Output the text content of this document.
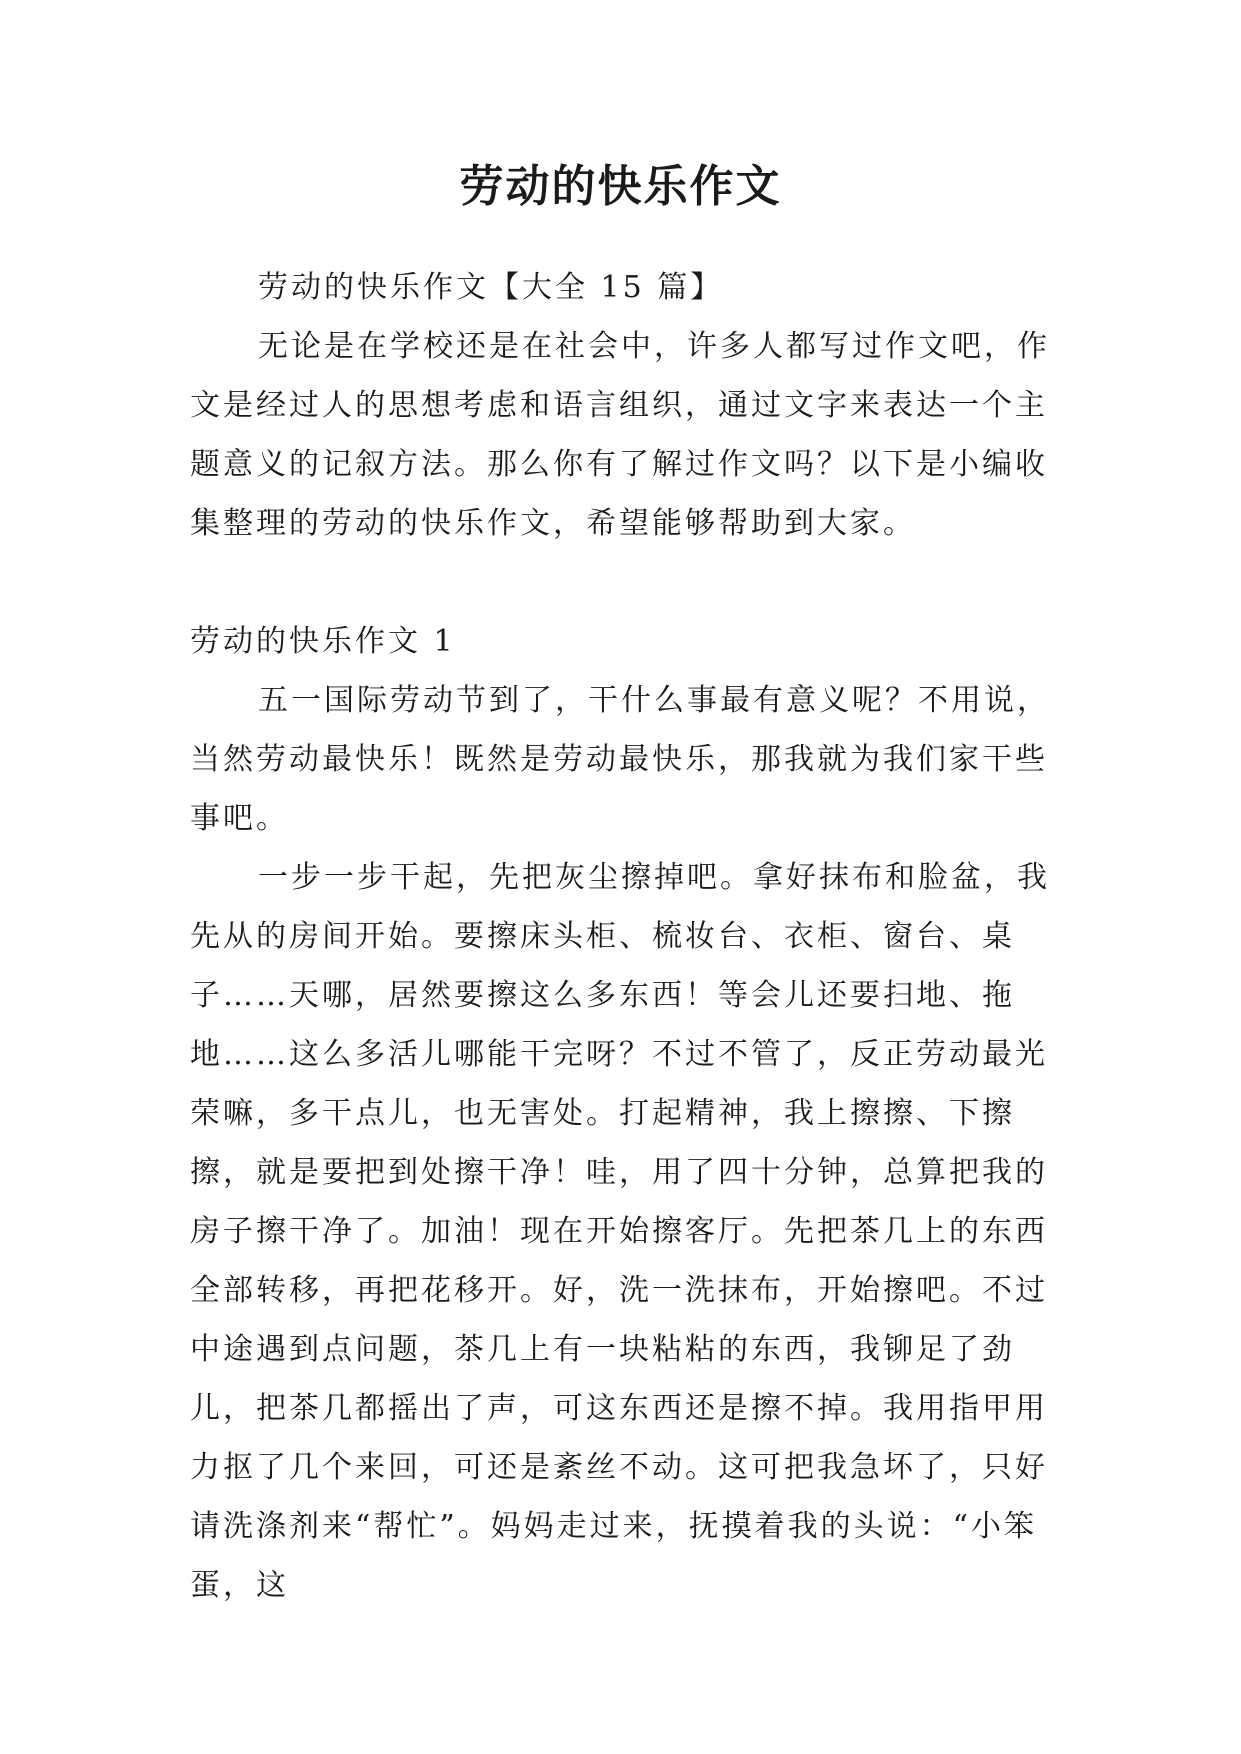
劳动的快乐作文

劳动的快乐作文【大全 15 篇】

无论是在学校还是在社会中，许多人都写过作文吧，作文是经过人的思想考虑和语言组织，通过文字来表达一个主题意义的记叙方法。那么你有了解过作文吗？以下是小编收集整理的劳动的快乐作文，希望能够帮助到大家。

劳动的快乐作文 1

五一国际劳动节到了，干什么事最有意义呢？不用说，当然劳动最快乐！既然是劳动最快乐，那我就为我们家干些事吧。

一步一步干起，先把灰尘擦掉吧。拿好抹布和脸盆，我先从的房间开始。要擦床头柜、梳妆台、衣柜、窗台、桌子……天哪，居然要擦这么多东西！等会儿还要扫地、拖地……这么多活儿哪能干完呀？不过不管了，反正劳动最光荣嘛，多干点儿，也无害处。打起精神，我上擦擦、下擦擦，就是要把到处擦干净！哇，用了四十分钟，总算把我的房子擦干净了。加油！现在开始擦客厅。先把茶几上的东西全部转移，再把花移开。好，洗一洗抹布，开始擦吧。不过中途遇到点问题，茶几上有一块粘粘的东西，我铆足了劲儿，把茶几都摇出了声，可这东西还是擦不掉。我用指甲用力抠了几个来回，可还是紊丝不动。这可把我急坏了，只好请洗涤剂来“帮忙”。妈妈走过来，抚摸着我的头说：“小笨蛋，这
